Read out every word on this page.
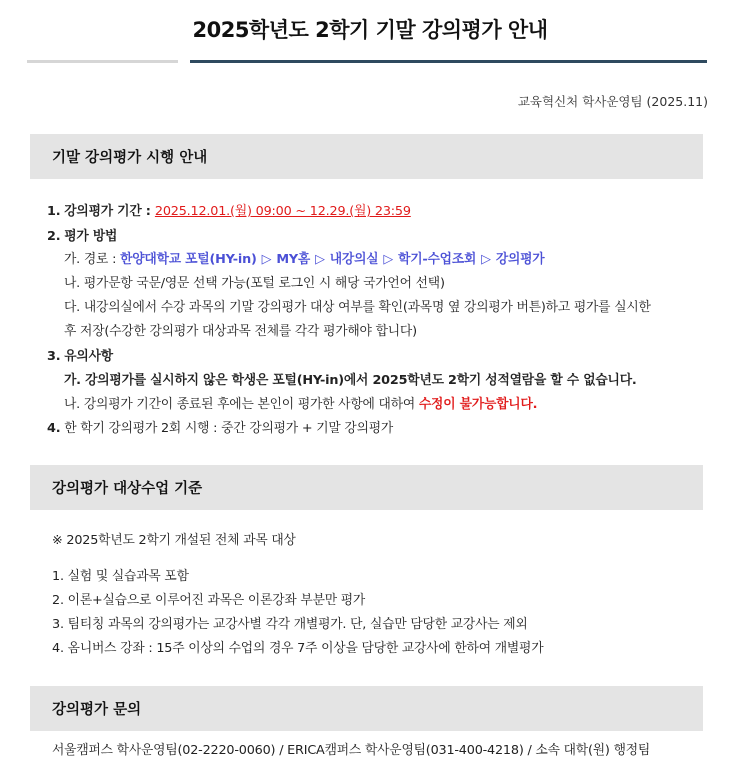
2025학년도 2학기 기말 강의평가 안내
교육혁신처 학사운영팀 (2025.11)
기말 강의평가 시행 안내
1. 강의평가 기간 : 2025.12.01.(월) 09:00 ~ 12.29.(월) 23:59
2. 평가 방법
가. 경로 : 한양대학교 포털(HY-in) ▷ MY홈 ▷ 내강의실 ▷ 학기-수업조회 ▷ 강의평가
나. 평가문항 국문/영문 선택 가능(포털 로그인 시 해당 국가언어 선택)
다. 내강의실에서 수강 과목의 기말 강의평가 대상 여부를 확인(과목명 옆 강의평가 버튼)하고 평가를 실시한
후 저장(수강한 강의평가 대상과목 전체를 각각 평가해야 합니다)
3. 유의사항
가. 강의평가를 실시하지 않은 학생은 포털(HY-in)에서 2025학년도 2학기 성적열람을 할 수 없습니다.
나. 강의평가 기간이 종료된 후에는 본인이 평가한 사항에 대하여 수정이 불가능합니다.
4. 한 학기 강의평가 2회 시행 : 중간 강의평가 + 기말 강의평가
강의평가 대상수업 기준
※ 2025학년도 2학기 개설된 전체 과목 대상
1. 실험 및 실습과목 포함
2. 이론+실습으로 이루어진 과목은 이론강좌 부분만 평가
3. 팀티칭 과목의 강의평가는 교강사별 각각 개별평가. 단, 실습만 담당한 교강사는 제외
4. 옴니버스 강좌 : 15주 이상의 수업의 경우 7주 이상을 담당한 교강사에 한하여 개별평가
강의평가 문의
서울캠퍼스 학사운영팀(02-2220-0060) / ERICA캠퍼스 학사운영팀(031-400-4218) / 소속 대학(원) 행정팀
